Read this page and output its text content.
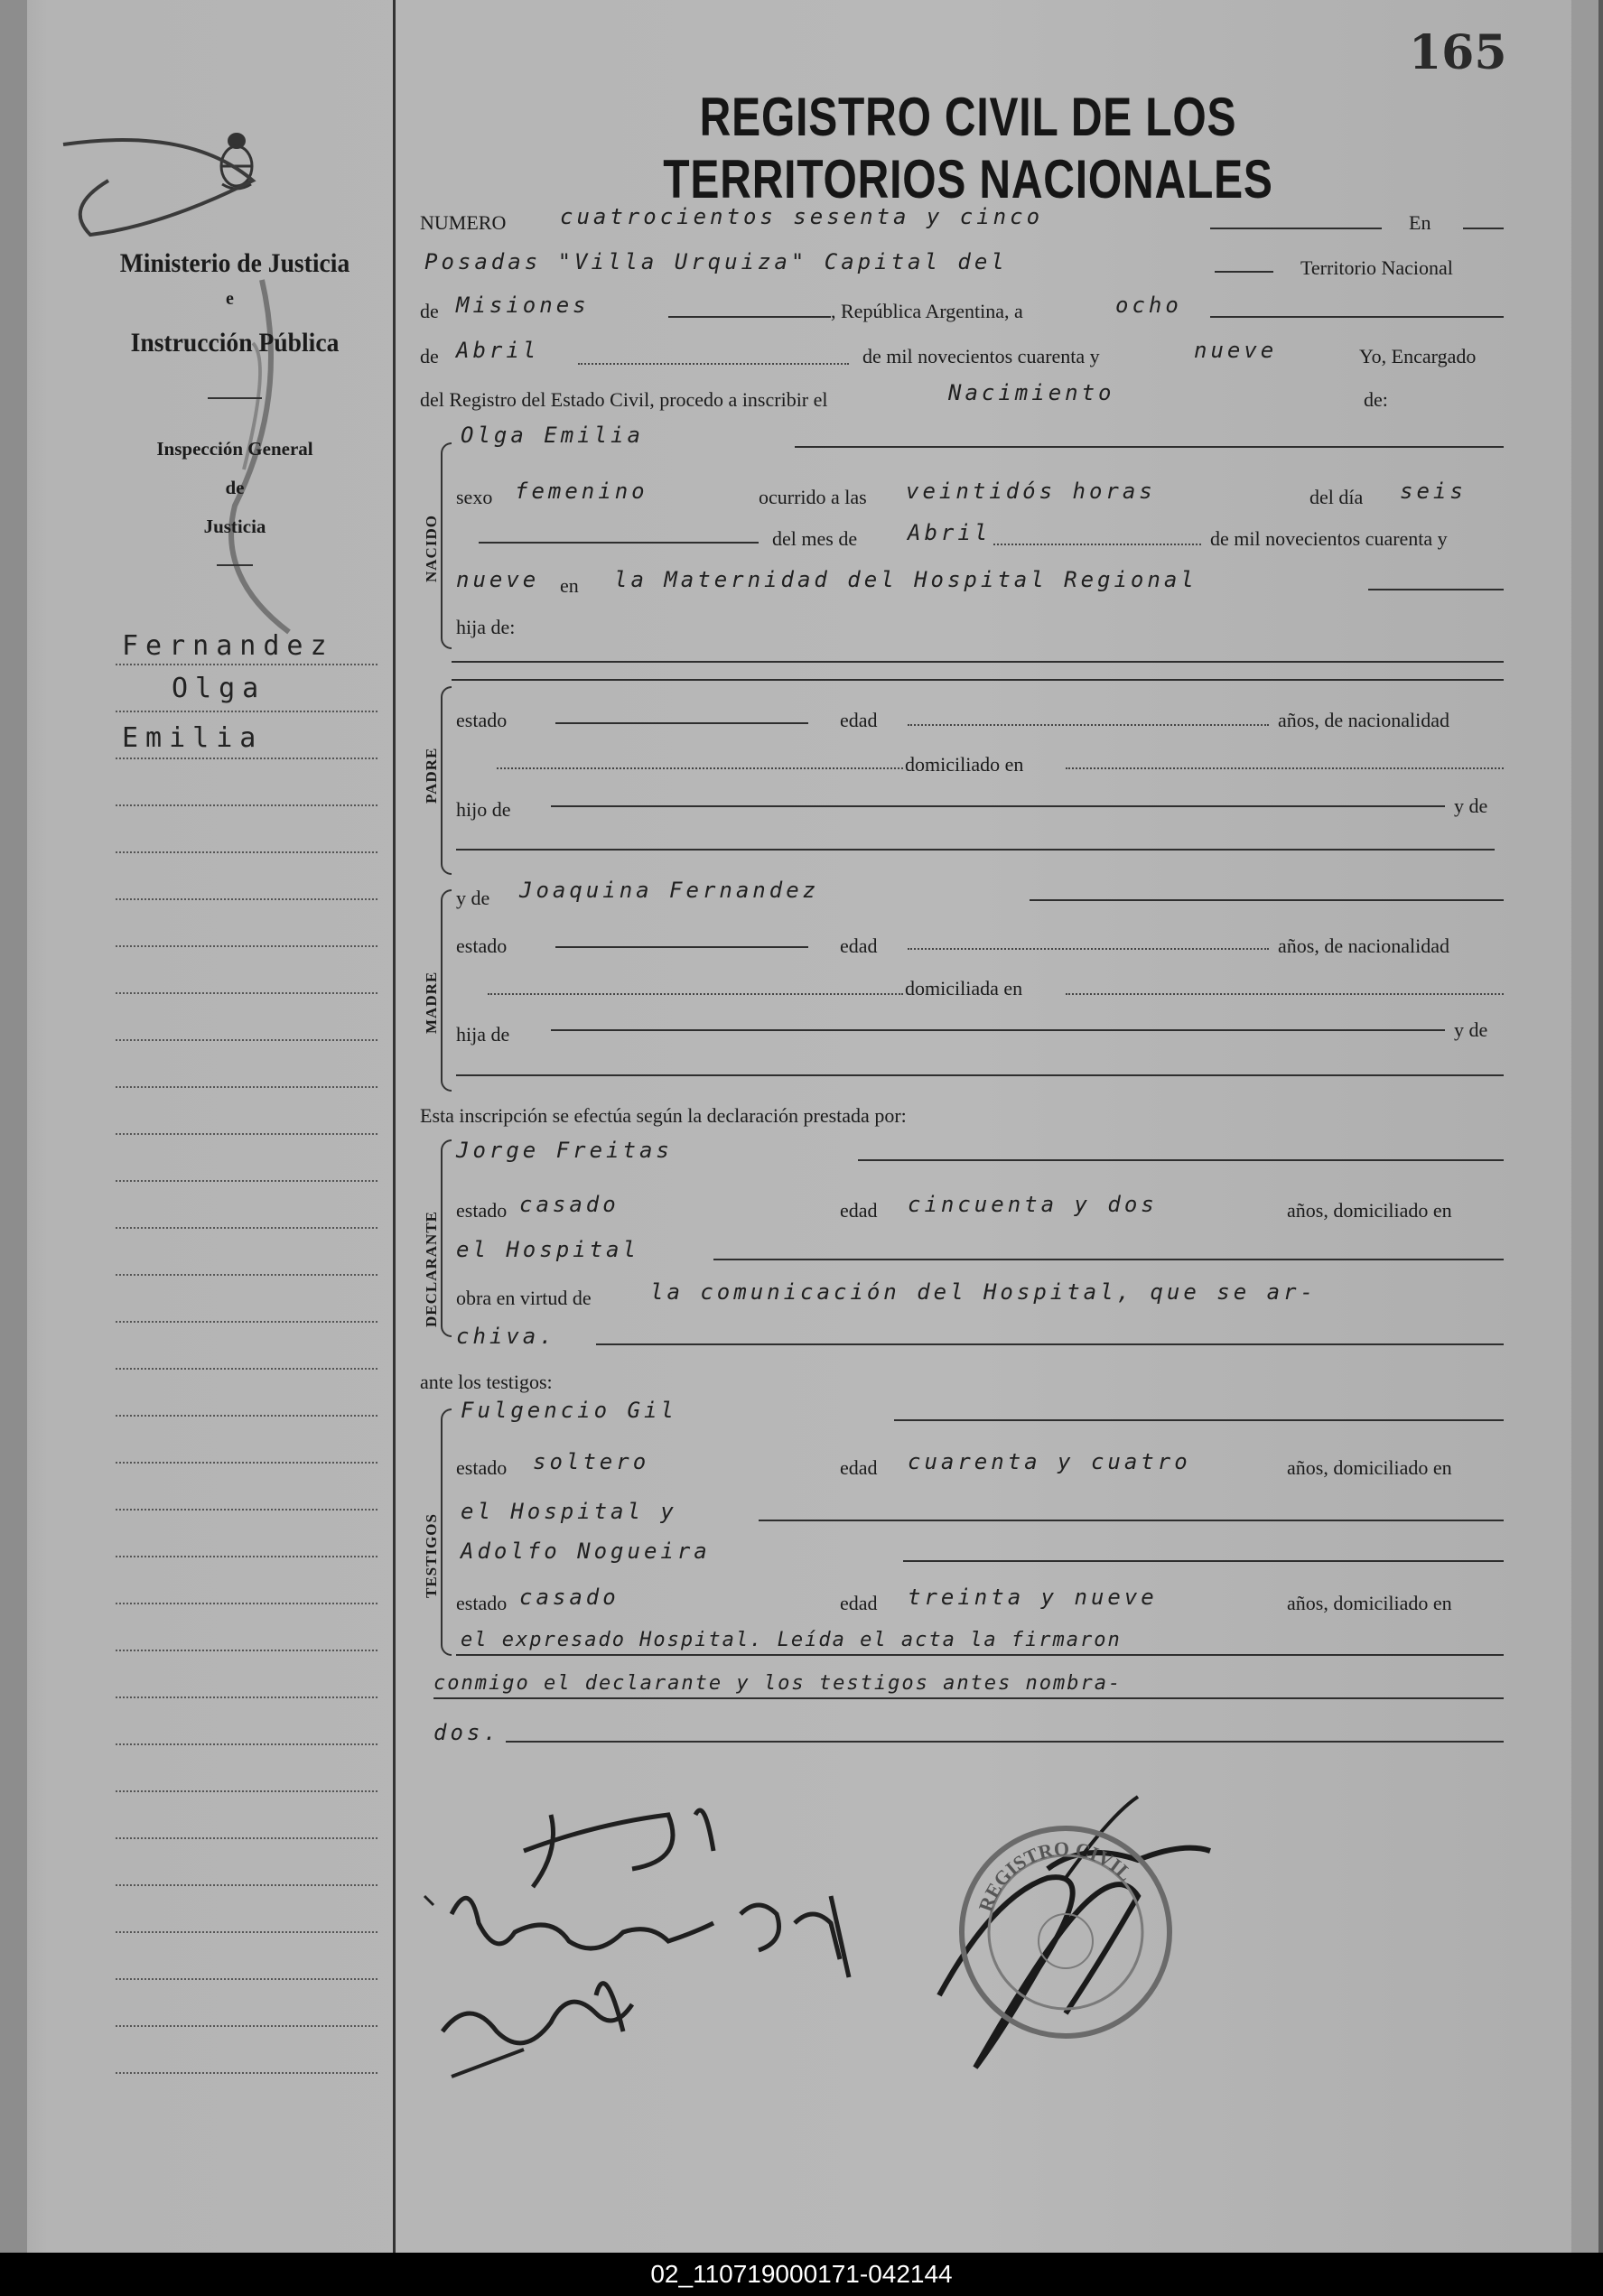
Ministerio de Justicia
e
Instrucción Pública
Inspección General
de
Justicia
Fernandez
Olga
Emilia
165
REGISTRO CIVIL DE LOS TERRITORIOS NACIONALES
NUMERO cuatrocientos sesenta y cinco	En
Posadas "Villa Urquiza" Capital del	Territorio Nacional
de Misiones	, República Argentina, a	ocho
de Abril	de mil novecientos cuarenta y	nueve	Yo, Encargado
del Registro del Estado Civil, procedo a inscribir el	Nacimiento	de:
NACIDO
Olga Emilia
sexo femenino	ocurrido a las veintidós horas	del día seis
del mes de Abril	de mil novecientos cuarenta y
nueve en la Maternidad del Hospital Regional
hija de:
PADRE
estado	edad	años, de nacionalidad
domiciliado en
hijo de	y de
MADRE
y de Joaquina Fernandez
estado	edad	años, de nacionalidad
domiciliada en
hija de	y de
Esta inscripción se efectúa según la declaración prestada por:
DECLARANTE
Jorge Freitas
estado casado	edad cincuenta y dos	años, domiciliado en
el Hospital
obra en virtud de	la comunicación del Hospital, que se ar-
chiva.
ante los testigos:
TESTIGOS
Fulgencio Gil
estado soltero	edad cuarenta y cuatro	años, domiciliado en
el Hospital y
Adolfo Nogueira
estado casado	edad treinta y nueve	años, domiciliado en
el expresado Hospital. Leída el acta la firmaron
conmigo el declarante y los testigos antes nombra-
dos.
REGISTRO CIVIL
02_110719000171-042144
